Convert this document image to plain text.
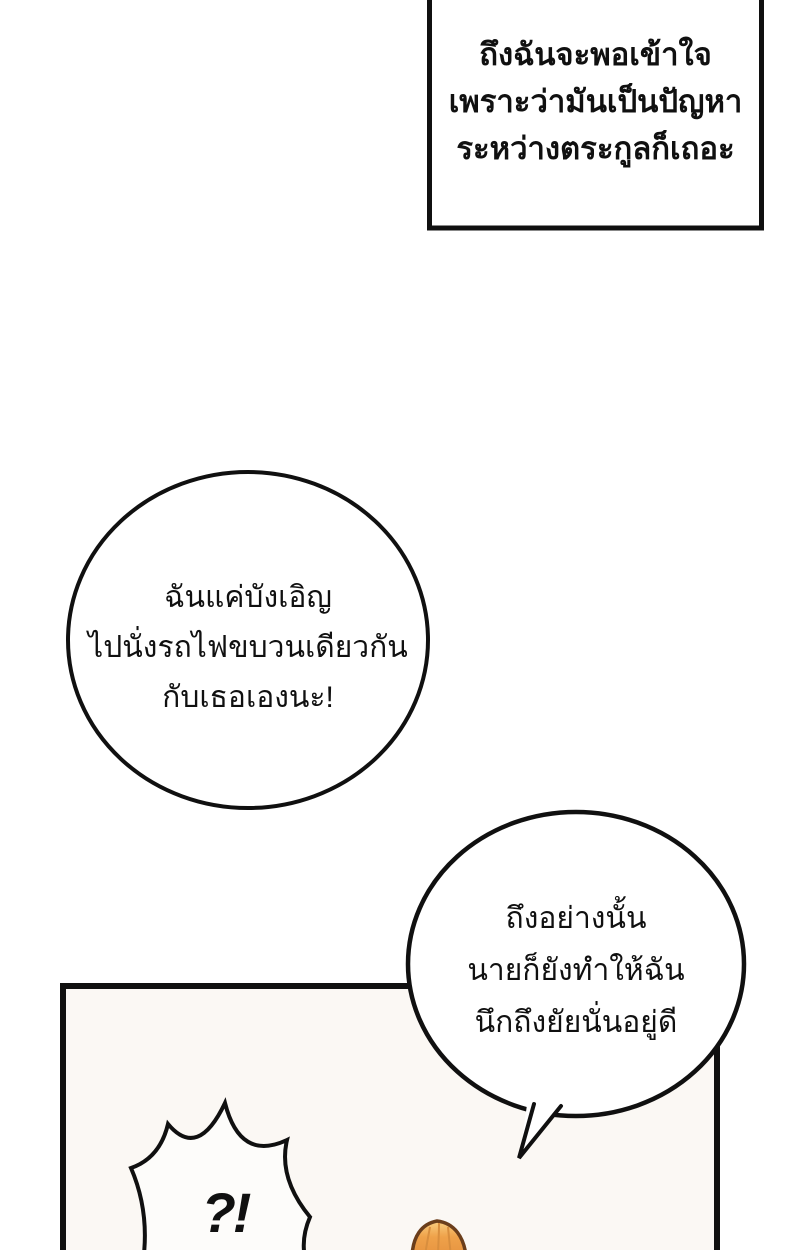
ถึงฉันจะพอเข้าใจ
เพราะว่ามันเป็นปัญหา
ระหว่างตระกูลก็เถอะ
ฉันแค่บังเอิญ
ไปนั่งรถไฟขบวนเดียวกัน
กับเธอเองนะ!
ถึงอย่างนั้น
นายก็ยังทำให้ฉัน
นึกถึงยัยนั่นอยู่ดี
?!
